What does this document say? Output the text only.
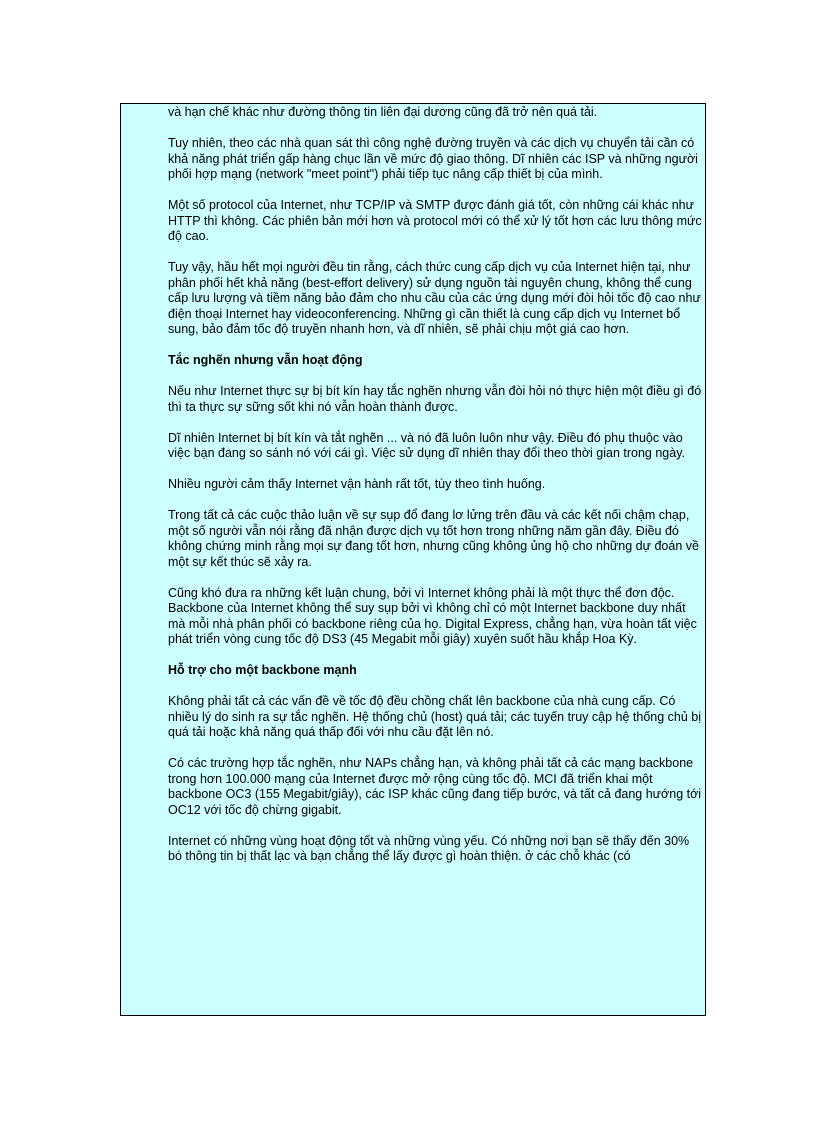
và hạn chế khác như đường thông tin liên đại dương cũng đã trở nên quá tải.

Tuy nhiên, theo các nhà quan sát thì công nghệ đường truyền và các dịch vụ chuyển tải cần có khả năng phát triển gấp hàng chục lần về mức độ giao thông. Dĩ nhiên các ISP và những người phối hợp mạng (network "meet point") phải tiếp tục nâng cấp thiết bị của mình.

Một số protocol của Internet, như TCP/IP và SMTP được đánh giá tốt, còn những cái khác như HTTP thì không. Các phiên bản mới hơn và protocol mới có thể xử lý tốt hơn các lưu thông mức độ cao.

Tuy vậy, hầu hết mọi người đều tin rằng, cách thức cung cấp dịch vụ của Internet hiện tại, như phân phối hết khả năng (best-effort delivery) sử dụng nguồn tài nguyên chung, không thể cung cấp lưu lượng và tiềm năng bảo đảm cho nhu cầu của các ứng dụng mới đòi hỏi tốc độ cao như điện thoại Internet hay videoconferencing. Những gì cần thiết là cung cấp dịch vụ Internet bổ sung, bảo đảm tốc độ truyền nhanh hơn, và dĩ nhiên, sẽ phải chịu một giá cao hơn.

Tắc nghẽn nhưng vẫn hoạt động

Nếu như Internet thực sự bị bít kín hay tắc nghẽn nhưng vẫn đòi hỏi nó thực hiện một điều gì đó thì ta thực sự sững sốt khi nó vẫn hoàn thành được.

Dĩ nhiên Internet bị bít kín và tắt nghẽn ... và nó đã luôn luôn như vậy. Điều đó phụ thuộc vào việc bạn đang so sánh nó với cái gì. Việc sử dụng dĩ nhiên thay đổi theo thời gian trong ngày.

Nhiều người cảm thấy Internet vận hành rất tốt, tùy theo tình huống.

Trong tất cả các cuộc thảo luận về sự sụp đổ đang lơ lửng trên đầu và các kết nối chậm chạp, một số người vẫn nói rằng đã nhận được dịch vụ tốt hơn trong những năm gần đây. Điều đó không chứng minh rằng mọi sự đang tốt hơn, nhưng cũng không ủng hộ cho những dự đoán về một sự kết thúc sẽ xảy ra.

Cũng khó đưa ra những kết luận chung, bởi vì Internet không phải là một thực thể đơn độc. Backbone của Internet không thể suy sụp bởi vì không chỉ có một Internet backbone duy nhất mà mỗi nhà phân phối có backbone riêng của họ. Digital Express, chẳng hạn, vừa hoàn tất việc phát triển vòng cung tốc độ DS3 (45 Megabit mỗi giây) xuyên suốt hầu khắp Hoa Kỳ.

Hỗ trợ cho một backbone mạnh

Không phải tất cả các vấn đề về tốc độ đều chồng chất lên backbone của nhà cung cấp. Có nhiều lý do sinh ra sự tắc nghẽn. Hệ thống chủ (host) quá tải; các tuyến truy cập hệ thống chủ bị quá tải hoặc khả năng quá thấp đối với nhu cầu đặt lên nó.

Có các trường hợp tắc nghẽn, như NAPs chẳng hạn, và không phải tất cả các mạng backbone trong hơn 100.000 mạng của Internet được mở rộng cùng tốc độ. MCI đã triển khai một backbone OC3 (155 Megabit/giây), các ISP khác cũng đang tiếp bước, và tất cả đang hướng tới OC12 với tốc độ chừng gigabit.

Internet có những vùng hoạt động tốt và những vùng yếu. Có những nơi bạn sẽ thấy đến 30% bó thông tin bị thất lạc và bạn chẳng thể lấy được gì hoàn thiện. ở các chỗ khác (có
